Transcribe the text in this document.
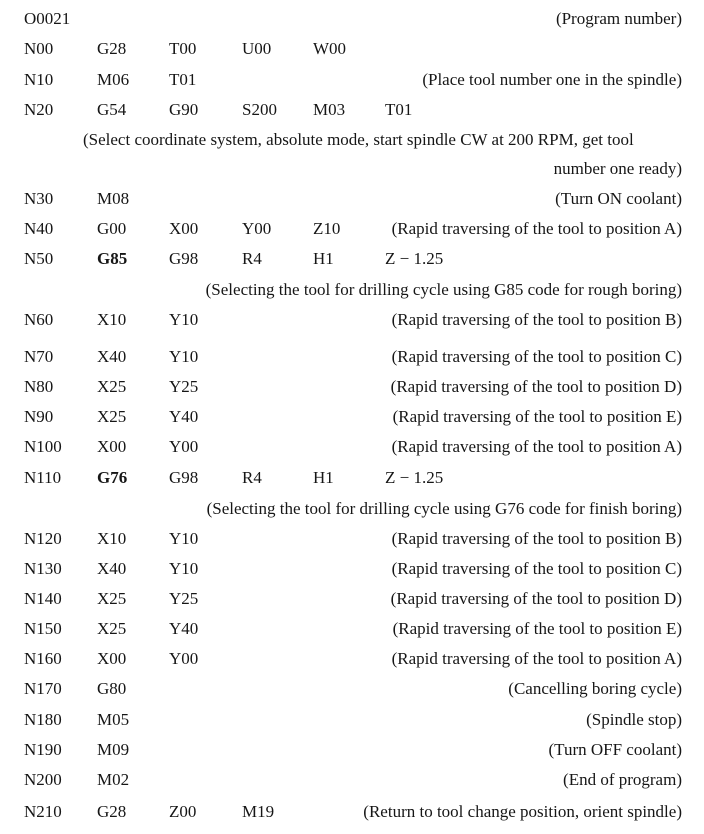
O0021	(Program number)
N00	G28	T00	U00 W00
N10	M06 T01	(Place tool number one in the spindle)
N20	G54	G90	S200 M03 T01
(Select coordinate system, absolute mode, start spindle CW at 200 RPM, get tool
number one ready)
N30	M08	(Turn ON coolant)
N40	G00	X00	Y00 Z10	(Rapid traversing of the tool to position A)
N50	G85 G98	R4	H1	Z − 1.25
(Selecting the tool for drilling cycle using G85 code for rough boring)
N60	X10	Y10	(Rapid traversing of the tool to position B)
N70	X40	Y10	(Rapid traversing of the tool to position C)
N80	X25	Y25	(Rapid traversing of the tool to position D)
N90	X25	Y40	(Rapid traversing of the tool to position E)
N100 X00	Y00	(Rapid traversing of the tool to position A)
N110 G76 G98	R4	H1	Z − 1.25
(Selecting the tool for drilling cycle using G76 code for finish boring)
N120 X10	Y10	(Rapid traversing of the tool to position B)
N130 X40	Y10	(Rapid traversing of the tool to position C)
N140 X25	Y25	(Rapid traversing of the tool to position D)
N150 X25	Y40	(Rapid traversing of the tool to position E)
N160 X00	Y00	(Rapid traversing of the tool to position A)
N170 G80	(Cancelling boring cycle)
N180 M05	(Spindle stop)
N190 M09	(Turn OFF coolant)
N200 M02	(End of program)
N210 G28	Z00	M19	(Return to tool change position, orient spindle)
